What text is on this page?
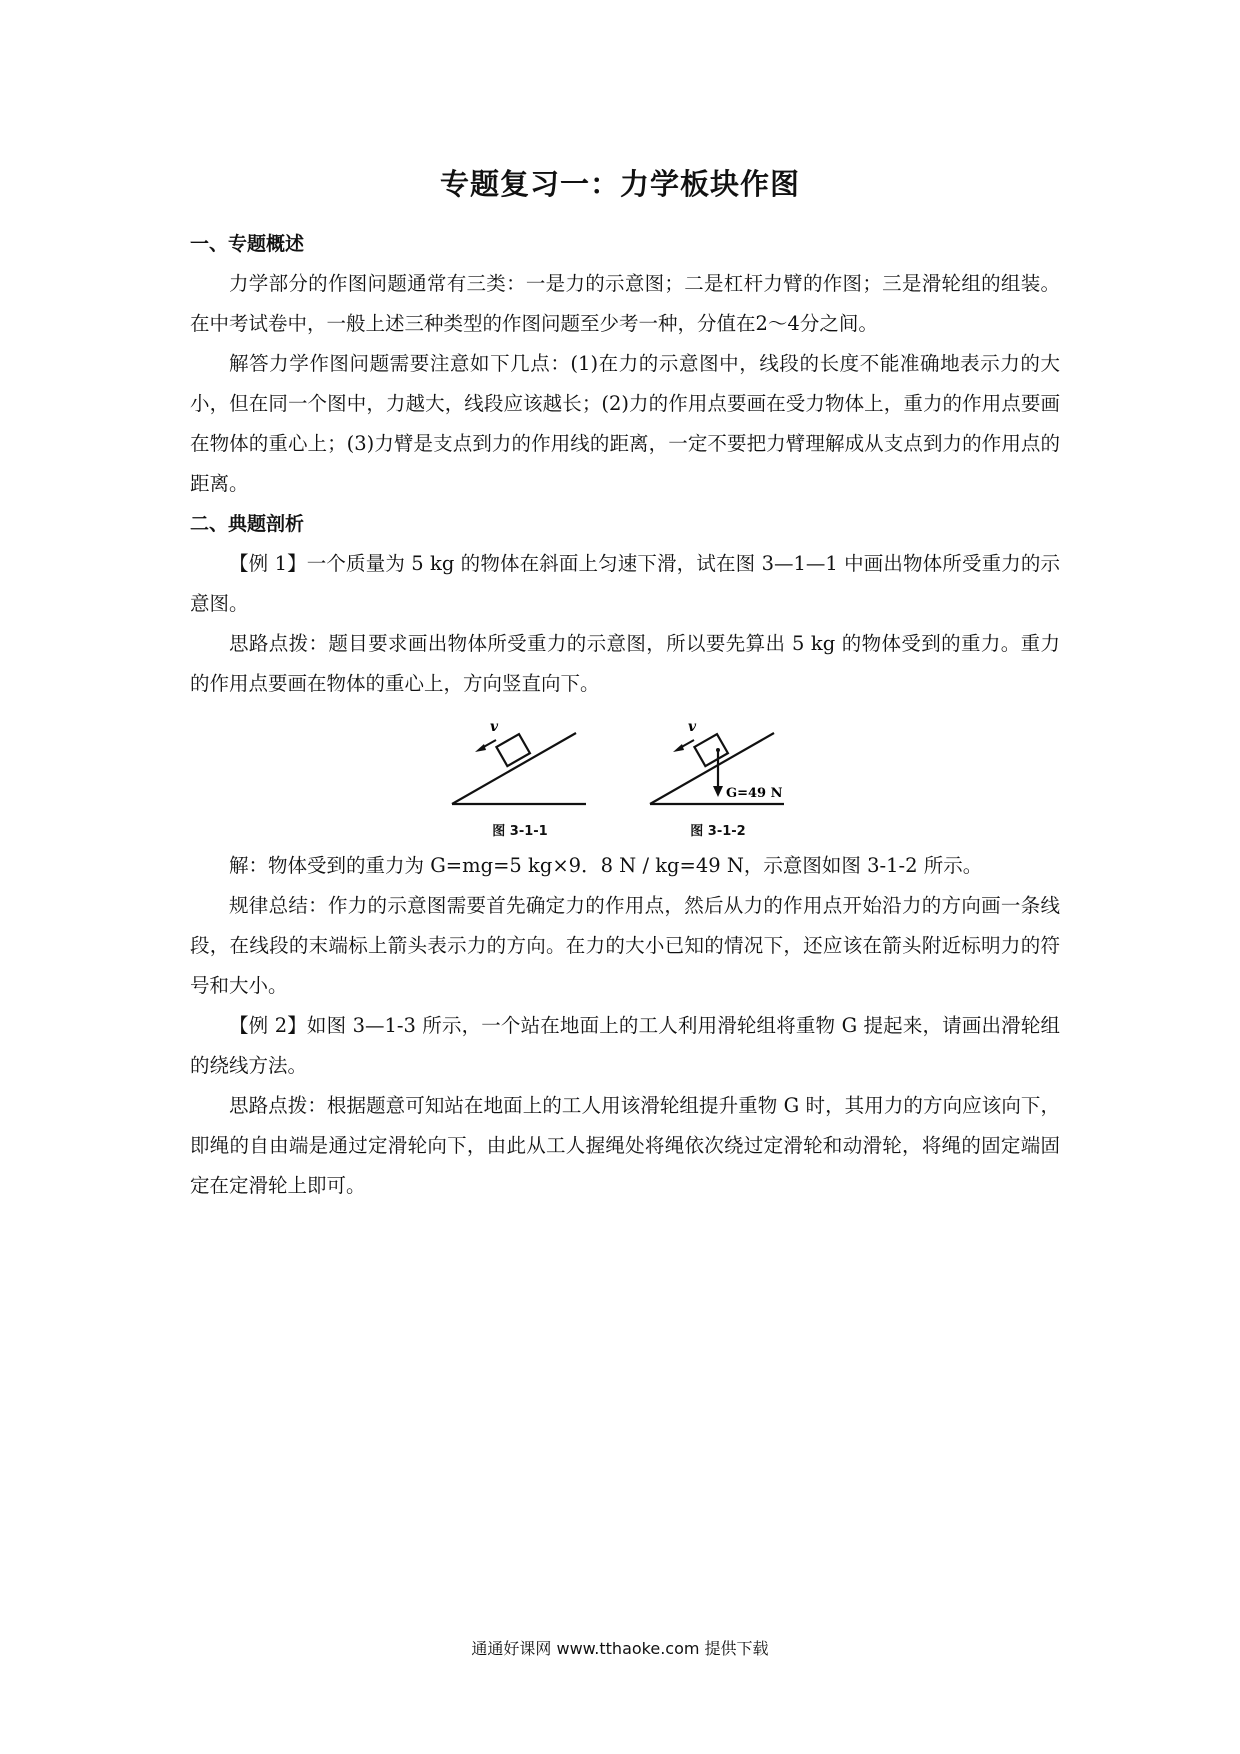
专题复习一：力学板块作图

一、专题概述

力学部分的作图问题通常有三类：一是力的示意图；二是杠杆力臂的作图；三是滑轮组的组装。在中考试卷中，一般上述三种类型的作图问题至少考一种，分值在2～4分之间。

解答力学作图问题需要注意如下几点：(1)在力的示意图中，线段的长度不能准确地表示力的大小，但在同一个图中，力越大，线段应该越长；(2)力的作用点要画在受力物体上，重力的作用点要画在物体的重心上；(3)力臂是支点到力的作用线的距离，一定不要把力臂理解成从支点到力的作用点的距离。

二、典题剖析

【例 1】一个质量为 5 kg 的物体在斜面上匀速下滑，试在图 3—1—1 中画出物体所受重力的示意图。

思路点拨：题目要求画出物体所受重力的示意图，所以要先算出 5 kg 的物体受到的重力。重力的作用点要画在物体的重心上，方向竖直向下。

v
图 3-1-1
v
G=49 N
图 3-1-2

解：物体受到的重力为 G=mg=5 kg×9．8 N / kg=49 N，示意图如图 3-1-2 所示。

规律总结：作力的示意图需要首先确定力的作用点，然后从力的作用点开始沿力的方向画一条线段，在线段的末端标上箭头表示力的方向。在力的大小已知的情况下，还应该在箭头附近标明力的符号和大小。

【例 2】如图 3—1-3 所示，一个站在地面上的工人利用滑轮组将重物 G 提起来，请画出滑轮组的绕线方法。

思路点拨：根据题意可知站在地面上的工人用该滑轮组提升重物 G 时，其用力的方向应该向下，即绳的自由端是通过定滑轮向下，由此从工人握绳处将绳依次绕过定滑轮和动滑轮，将绳的固定端固定在定滑轮上即可。

通通好课网 www.tthaoke.com 提供下载
